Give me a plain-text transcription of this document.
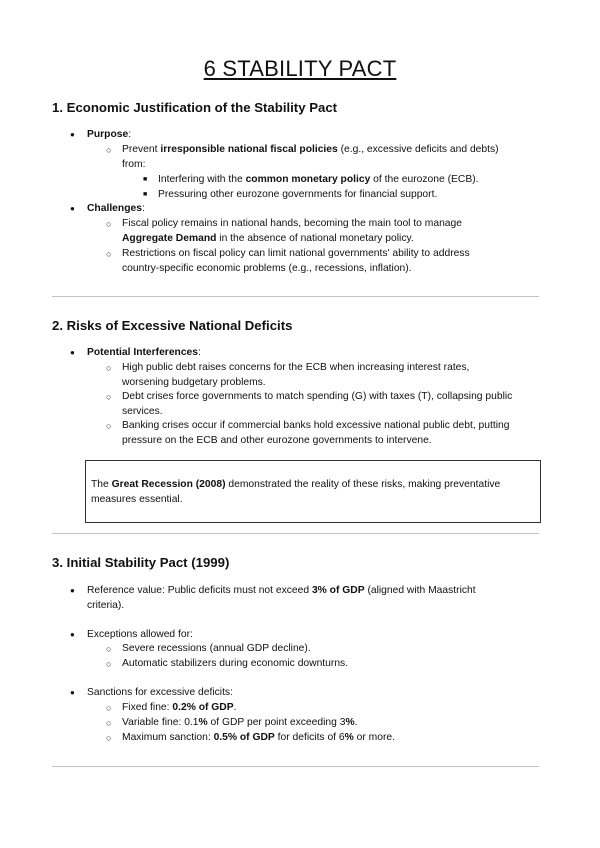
6 STABILITY PACT
1. Economic Justification of the Stability Pact
● Purpose:
○ Prevent irresponsible national fiscal policies (e.g., excessive deficits and debts)
from:
■ Interfering with the common monetary policy of the eurozone (ECB).
■ Pressuring other eurozone governments for financial support.
● Challenges:
○ Fiscal policy remains in national hands, becoming the main tool to manage
Aggregate Demand in the absence of national monetary policy.
○ Restrictions on fiscal policy can limit national governments' ability to address
country-specific economic problems (e.g., recessions, inflation).
2. Risks of Excessive National Deficits
● Potential Interferences:
○ High public debt raises concerns for the ECB when increasing interest rates,
worsening budgetary problems.
○ Debt crises force governments to match spending (G) with taxes (T), collapsing public
services.
○ Banking crises occur if commercial banks hold excessive national public debt, putting
pressure on the ECB and other eurozone governments to intervene.
The Great Recession (2008) demonstrated the reality of these risks, making preventative
measures essential.
3. Initial Stability Pact (1999)
● Reference value: Public deficits must not exceed 3% of GDP (aligned with Maastricht
criteria).
● Exceptions allowed for:
○ Severe recessions (annual GDP decline).
○ Automatic stabilizers during economic downturns.
● Sanctions for excessive deficits:
○ Fixed fine: 0.2% of GDP.
○ Variable fine: 0.1% of GDP per point exceeding 3%.
○ Maximum sanction: 0.5% of GDP for deficits of 6% or more.
